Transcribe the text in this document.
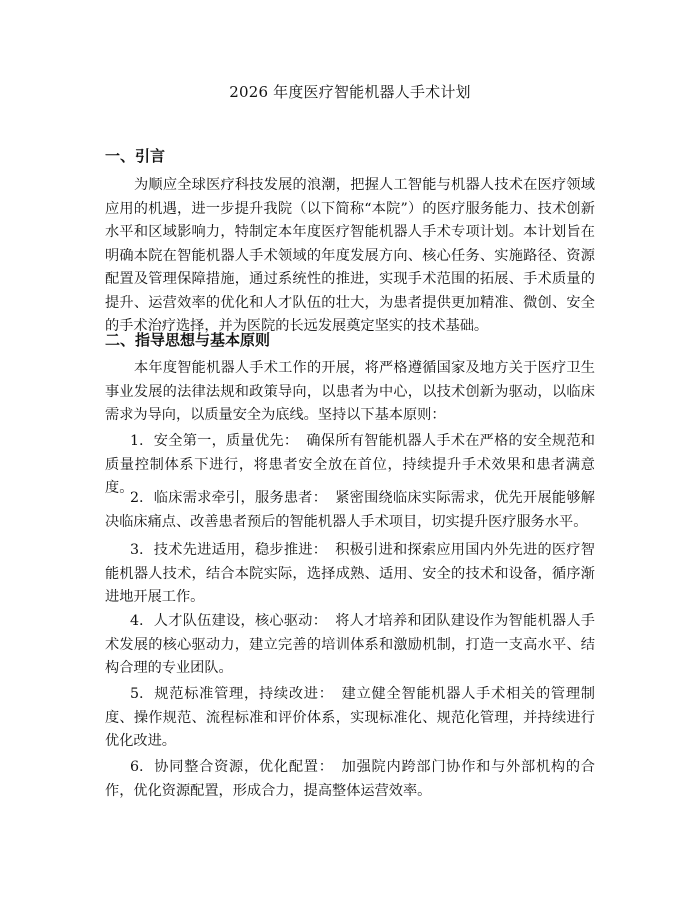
2026 年度医疗智能机器人手术计划
一、引言
为顺应全球医疗科技发展的浪潮，把握人工智能与机器人技术在医疗领域应用的机遇，进一步提升我院（以下简称“本院”）的医疗服务能力、技术创新水平和区域影响力，特制定本年度医疗智能机器人手术专项计划。本计划旨在明确本院在智能机器人手术领域的年度发展方向、核心任务、实施路径、资源配置及管理保障措施，通过系统性的推进，实现手术范围的拓展、手术质量的提升、运营效率的优化和人才队伍的壮大，为患者提供更加精准、微创、安全的手术治疗选择，并为医院的长远发展奠定坚实的技术基础。
二、指导思想与基本原则
本年度智能机器人手术工作的开展，将严格遵循国家及地方关于医疗卫生事业发展的法律法规和政策导向，以患者为中心，以技术创新为驱动，以临床需求为导向，以质量安全为底线。坚持以下基本原则：
1. 安全第一，质量优先： 确保所有智能机器人手术在严格的安全规范和质量控制体系下进行，将患者安全放在首位，持续提升手术效果和患者满意度。
2. 临床需求牵引，服务患者： 紧密围绕临床实际需求，优先开展能够解决临床痛点、改善患者预后的智能机器人手术项目，切实提升医疗服务水平。
3. 技术先进适用，稳步推进： 积极引进和探索应用国内外先进的医疗智能机器人技术，结合本院实际，选择成熟、适用、安全的技术和设备，循序渐进地开展工作。
4. 人才队伍建设，核心驱动： 将人才培养和团队建设作为智能机器人手术发展的核心驱动力，建立完善的培训体系和激励机制，打造一支高水平、结构合理的专业团队。
5. 规范标准管理，持续改进： 建立健全智能机器人手术相关的管理制度、操作规范、流程标准和评价体系，实现标准化、规范化管理，并持续进行优化改进。
6. 协同整合资源，优化配置： 加强院内跨部门协作和与外部机构的合作，优化资源配置，形成合力，提高整体运营效率。
